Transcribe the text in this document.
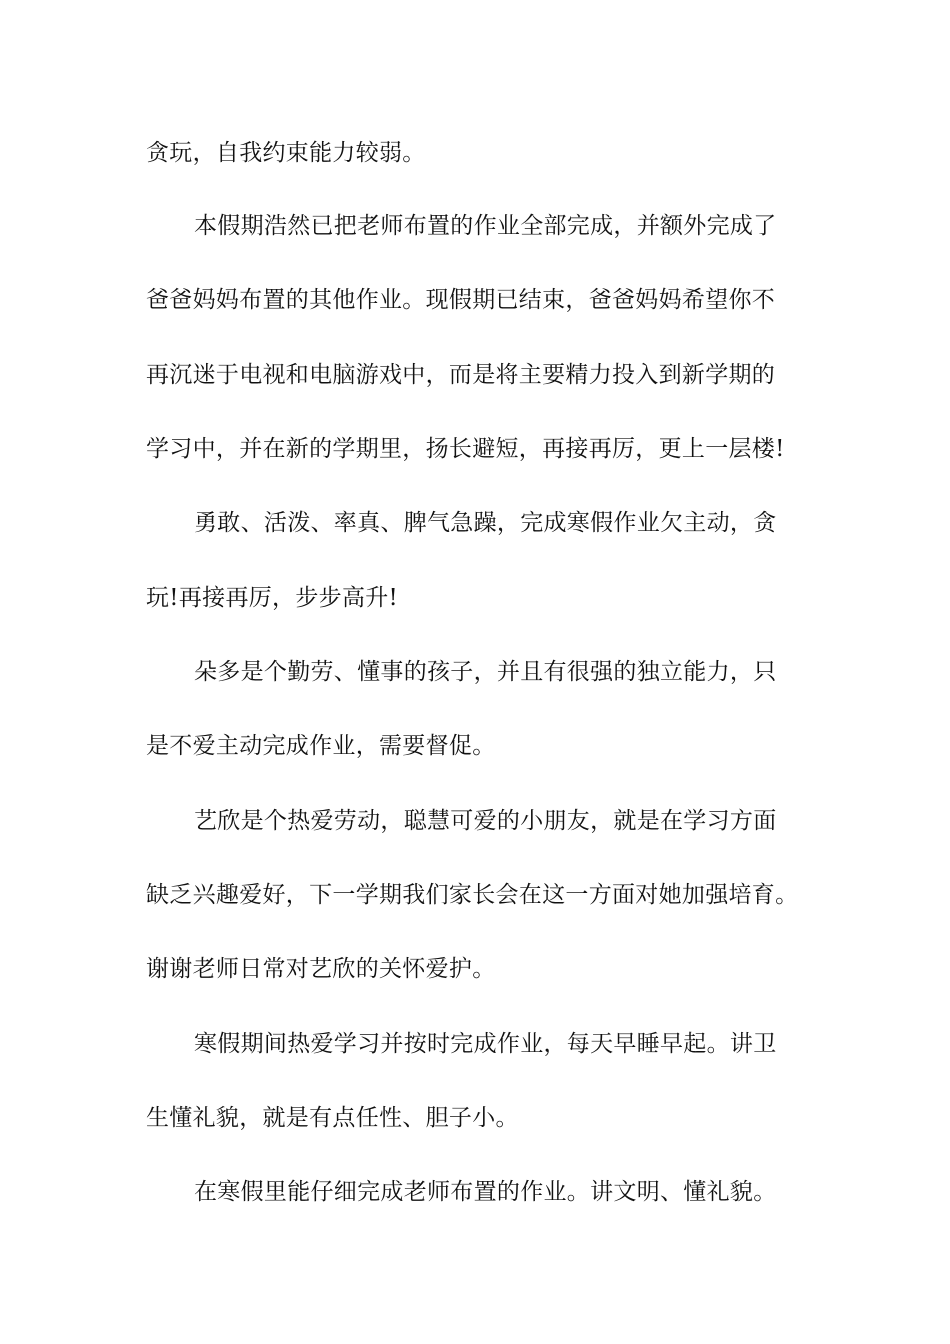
贪玩，自我约束能力较弱。
本假期浩然已把老师布置的作业全部完成，并额外完成了
爸爸妈妈布置的其他作业。现假期已结束，爸爸妈妈希望你不
再沉迷于电视和电脑游戏中，而是将主要精力投入到新学期的
学习中，并在新的学期里，扬长避短，再接再厉，更上一层楼!
勇敢、活泼、率真、脾气急躁，完成寒假作业欠主动，贪
玩!再接再厉，步步高升!
朵多是个勤劳、懂事的孩子，并且有很强的独立能力，只
是不爱主动完成作业，需要督促。
艺欣是个热爱劳动，聪慧可爱的小朋友，就是在学习方面
缺乏兴趣爱好，下一学期我们家长会在这一方面对她加强培育。
谢谢老师日常对艺欣的关怀爱护。
寒假期间热爱学习并按时完成作业，每天早睡早起。讲卫
生懂礼貌，就是有点任性、胆子小。
在寒假里能仔细完成老师布置的作业。讲文明、懂礼貌。
